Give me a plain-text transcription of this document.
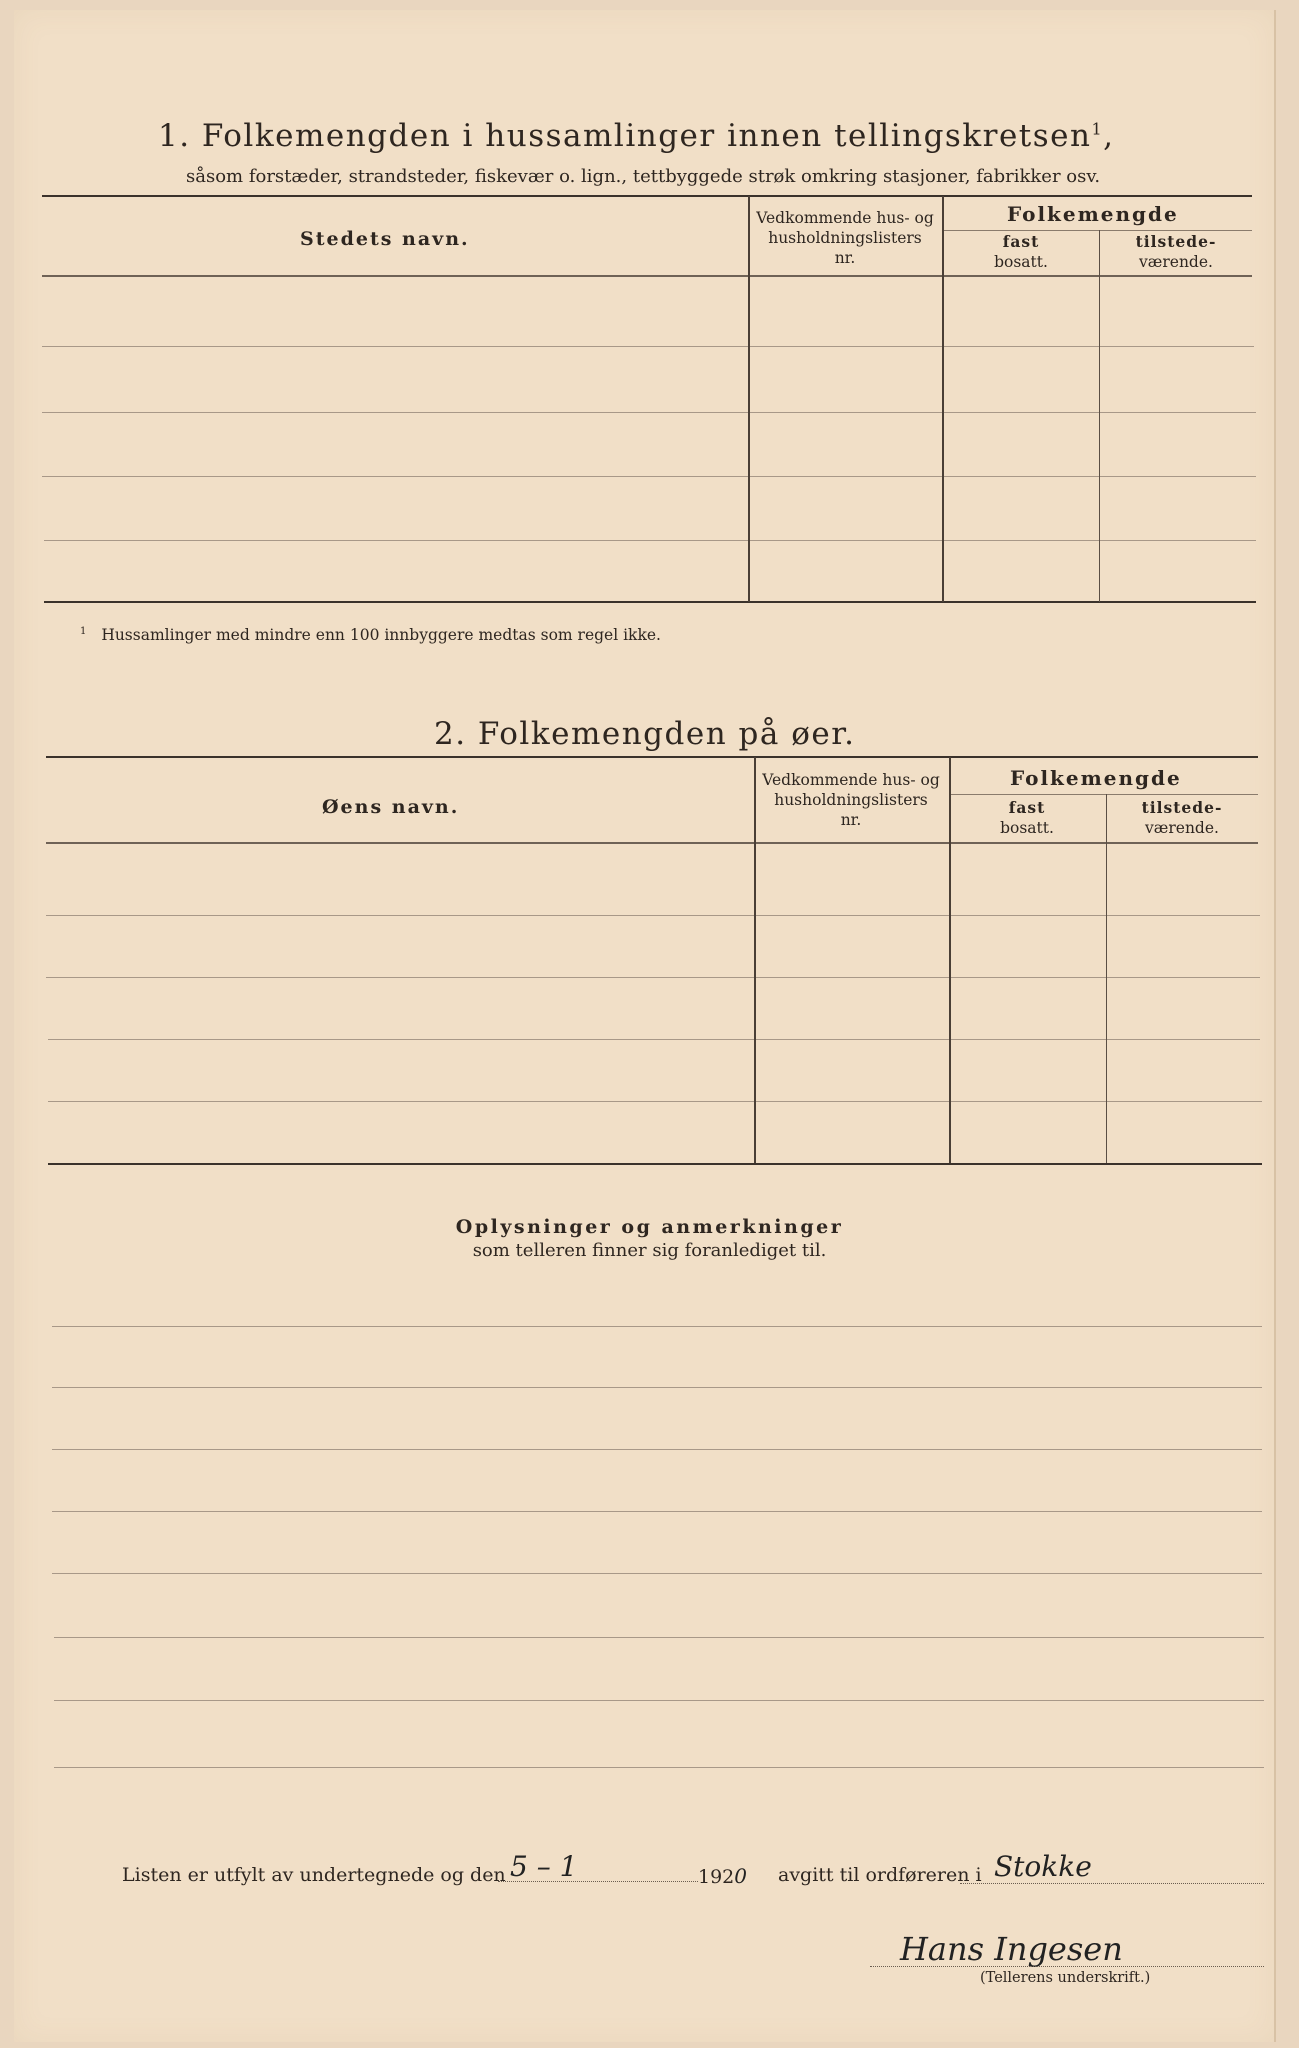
1. Folkemengden i hussamlinger innen tellingskretsen$^1$,
såsom forstæder, strandsteder, fiskevær o. lign., tettbyggede strøk omkring stasjoner, fabrikker osv.
Stedets navn.
Vedkommende hus- og
husholdningslisters
nr.
Folkemengde
fast
bosatt.
tilstede-
værende.
$^1$ Hussamlinger med mindre enn 100 innbyggere medtas som regel ikke.
2. Folkemengden på øer.
Øens navn.
Vedkommende hus- og
husholdningslisters
nr.
Folkemengde
fast
bosatt.
tilstede-
værende.
Oplysninger og anmerkninger
som telleren finner sig foranlediget til.
Listen er utfylt av undertegnede og den 5 – 1	1920 avgitt til ordføreren i Stokke
Hans Ingesen
(Tellerens underskrift.)
